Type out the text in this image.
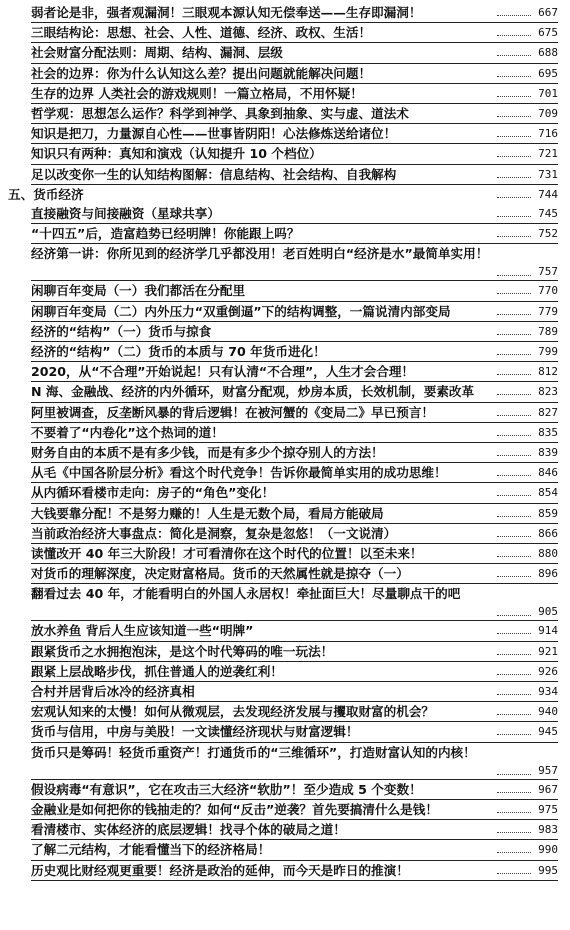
弱者论是非，强者观漏洞！三眼观本源认知无偿奉送——生存即漏洞！	667
三眼结构论：思想、社会、人性、道德、经济、政权、生活！	675
社会财富分配法则：周期、结构、漏洞、层级	688
社会的边界：你为什么认知这么差？提出问题就能解决问题！	695
生存的边界 人类社会的游戏规则！一篇立格局，不用怀疑！	701
哲学观：思想怎么运作？科学到神学、具象到抽象、实与虚、道法术	709
知识是把刀，力量源自心性——世事皆阴阳！心法修炼送给诸位！	716
知识只有两种：真知和演戏（认知提升 10 个档位）	721
足以改变你一生的认知结构图解：信息结构、社会结构、自我解构	731
五、货币经济	744
直接融资与间接融资（星球共享）	745
“十四五”后，造富趋势已经明牌！你能跟上吗？	752
经济第一讲：你所见到的经济学几乎都没用！老百姓明白“经济是水”最简单实用！
757
闲聊百年变局（一）我们都活在分配里	770
闲聊百年变局（二）内外压力“双重倒逼”下的结构调整，一篇说清内部变局	779
经济的“结构”（一）货币与掠食	789
经济的“结构”（二）货币的本质与 70 年货币进化！	799
2020，从“不合理”开始说起！只有认清“不合理”，人生才会合理！	812
N 海、金融战、经济的内外循环，财富分配观，炒房本质，长效机制，要素改革	823
阿里被调查，反垄断风暴的背后逻辑！在被河蟹的《变局二》早已预言！	827
不要着了“内卷化”这个热词的道！	835
财务自由的本质不是有多少钱，而是有多少个掠夺别人的方法！	839
从毛《中国各阶层分析》看这个时代竞争！告诉你最简单实用的成功思维！	846
从内循环看楼市走向：房子的“角色”变化！	854
大钱要靠分配！不是努力赚的！人生是无数个局，看局方能破局	859
当前政治经济大事盘点：简化是洞察，复杂是忽悠！（一文说清）	866
读懂改开 40 年三大阶段！才可看清你在这个时代的位置！以至未来！	880
对货币的理解深度，决定财富格局。货币的天然属性就是掠夺（一）	896
翻看过去 40 年，才能看明白的外国人永居权！牵扯面巨大！尽量聊点干的吧
905
放水养鱼 背后人生应该知道一些“明牌”	914
跟紧货币之水拥抱泡沫，是这个时代筹码的唯一玩法！	921
跟紧上层战略步伐，抓住普通人的逆袭红利！	926
合村并居背后冰冷的经济真相	934
宏观认知来的太慢！如何从微观层，去发现经济发展与攫取财富的机会？	940
货币与信用，中房与美股！一文读懂经济现状与财富逻辑！	945
货币只是筹码！轻货币重资产！打通货币的“三维循环”，打造财富认知的内核！
957
假设病毒“有意识”，它在攻击三大经济“软肋”！至少造成 5 个变数！	967
金融业是如何把你的钱抽走的？如何“反击”逆袭？首先要搞清什么是钱！	975
看清楼市、实体经济的底层逻辑！找寻个体的破局之道！	983
了解二元结构，才能看懂当下的经济格局！	990
历史观比财经观更重要！经济是政治的延伸，而今天是昨日的推演！	995
